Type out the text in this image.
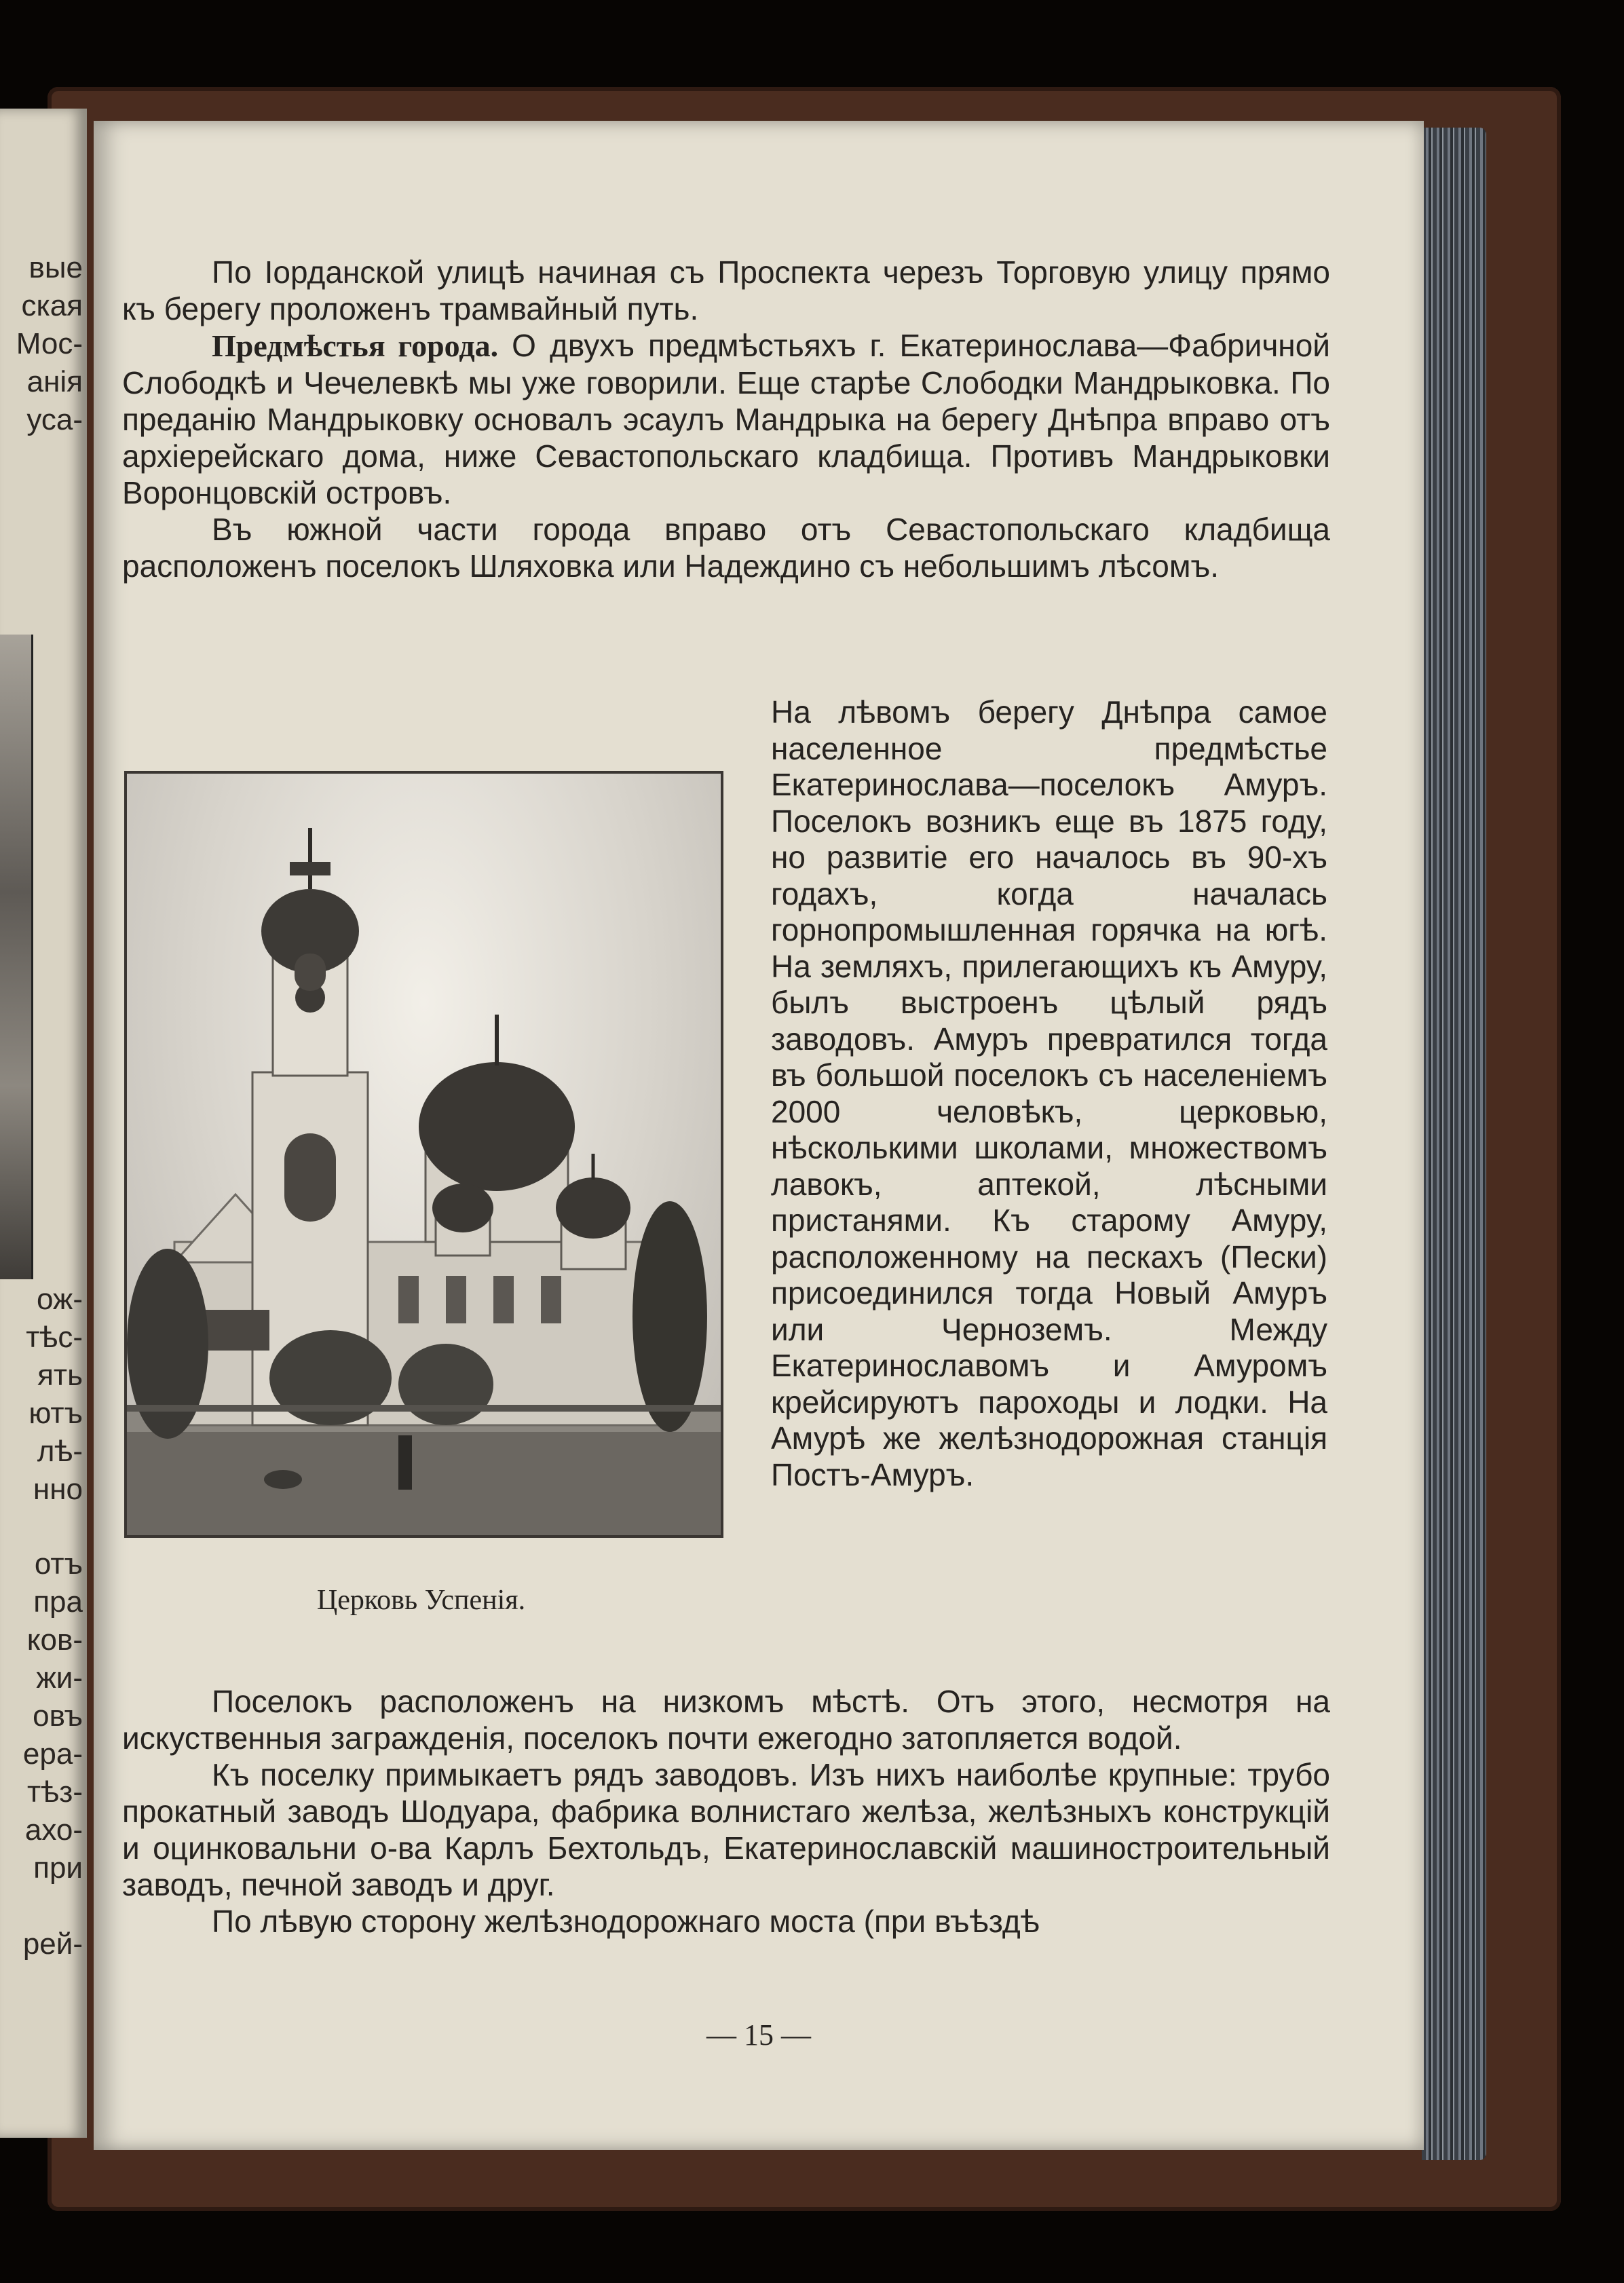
вые
ская
Мос-
анія
уса-
ож-
тѣс-
ять
ютъ
лѣ-
нно
отъ
пра
ков-
жи-
овъ
ера-
тѣз-
ахо-
при
рей-

По Іорданской улицѣ начиная съ Проспекта черезъ Торговую улицу прямо къ берегу проложенъ трамвайный путь.

Предмѣстья города. О двухъ предмѣстьяхъ г. Екатеринослава—Фабричной Слободкѣ и Чечелевкѣ мы уже говорили. Еще старѣе Слободки Мандрыковка. По преданію Мандрыковку основалъ эсаулъ Мандрыка на берегу Днѣпра вправо отъ архіерейскаго дома, ниже Севастопольскаго кладбища. Противъ Мандрыковки Воронцовскій островъ.

Въ южной части города вправо отъ Севастопольскаго кладбища расположенъ поселокъ Шляховка или Надеждино съ небольшимъ лѣсомъ.

Церковь Успенія.
На лѣвомъ берегу Днѣпра самое населенное предмѣстье Екатеринослава—поселокъ Амуръ. Поселокъ возникъ еще въ 1875 году, но развитіе его началось въ 90-хъ годахъ, когда началась горнопромышленная горячка на югѣ. На земляхъ, прилегающихъ къ Амуру, былъ выстроенъ цѣлый рядъ заводовъ. Амуръ превратился тогда въ большой поселокъ съ населеніемъ 2000 человѣкъ, церковью, нѣсколькими школами, множествомъ лавокъ, аптекой, лѣсными пристанями. Къ старому Амуру, расположенному на пескахъ (Пески) присоединился тогда Новый Амуръ или Черноземъ. Между Екатеринославомъ и Амуромъ крейсируютъ пароходы и лодки. На Амурѣ же желѣзнодорожная станція Постъ-Амуръ.

Поселокъ расположенъ на низкомъ мѣстѣ. Отъ этого, несмотря на искуственныя загражденія, поселокъ почти ежегодно затопляется водой.

Къ поселку примыкаетъ рядъ заводовъ. Изъ нихъ наиболѣе крупные: трубо прокатный заводъ Шодуара, фабрика волнистаго желѣза, желѣзныхъ конструкцій и оцинковальни о-ва Карлъ Бехтольдъ, Екатеринославскій машиностроительный заводъ, печной заводъ и друг.

По лѣвую сторону желѣзнодорожнаго моста (при въѣздѣ

— 15 —
